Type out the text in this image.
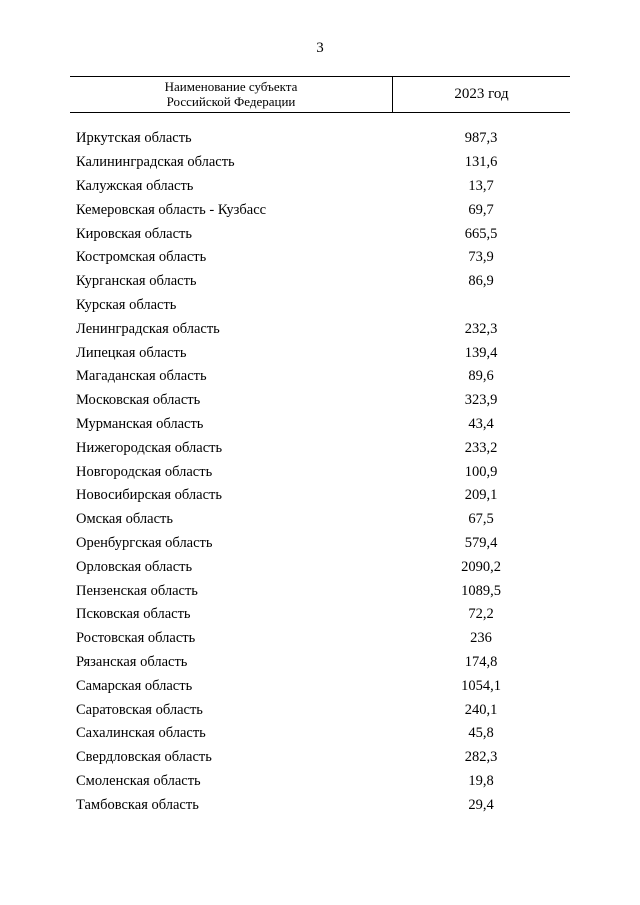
3
Наименование субъекта
Российской Федерации	2023 год
Иркутская область	987,3
Калининградская область	131,6
Калужская область	13,7
Кемеровская область - Кузбасс	69,7
Кировская область	665,5
Костромская область	73,9
Курганская область	86,9
Курская область
Ленинградская область	232,3
Липецкая область	139,4
Магаданская область	89,6
Московская область	323,9
Мурманская область	43,4
Нижегородская область	233,2
Новгородская область	100,9
Новосибирская область	209,1
Омская область	67,5
Оренбургская область	579,4
Орловская область	2090,2
Пензенская область	1089,5
Псковская область	72,2
Ростовская область	236
Рязанская область	174,8
Самарская область	1054,1
Саратовская область	240,1
Сахалинская область	45,8
Свердловская область	282,3
Смоленская область	19,8
Тамбовская область	29,4
